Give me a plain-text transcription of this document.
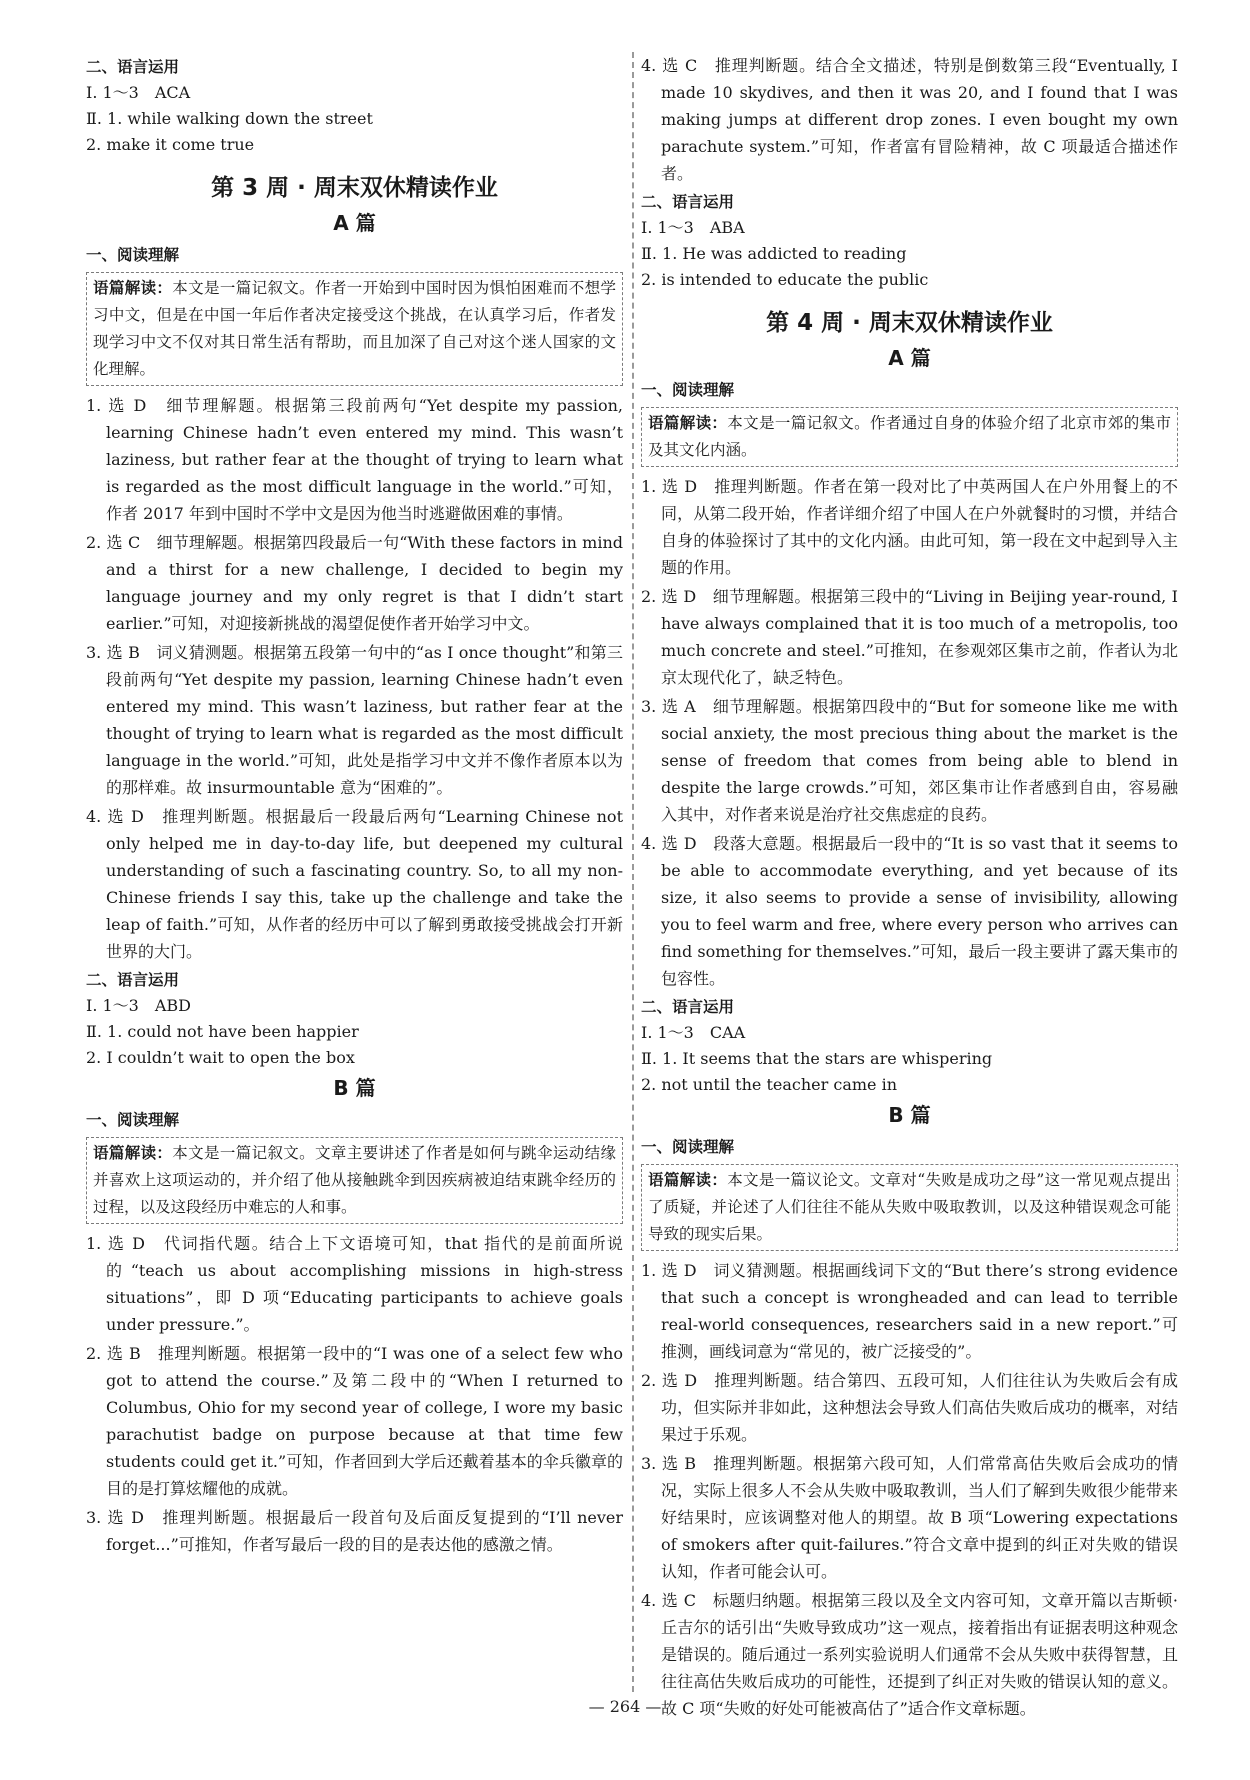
二、语言运用
Ⅰ. 1～3　ACA
Ⅱ. 1. while walking down the street
2. make it come true
第 3 周 · 周末双休精读作业
A 篇
一、阅读理解
语篇解读：本文是一篇记叙文。作者一开始到中国时因为惧怕困难而不想学习中文，但是在中国一年后作者决定接受这个挑战，在认真学习后，作者发现学习中文不仅对其日常生活有帮助，而且加深了自己对这个迷人国家的文化理解。
1. 选 D　细节理解题。根据第三段前两句“Yet despite my passion, learning Chinese hadn’t even entered my mind. This wasn’t laziness, but rather fear at the thought of trying to learn what is regarded as the most difficult language in the world.”可知，作者 2017 年到中国时不学中文是因为他当时逃避做困难的事情。
2. 选 C　细节理解题。根据第四段最后一句“With these factors in mind and a thirst for a new challenge, I decided to begin my language journey and my only regret is that I didn’t start earlier.”可知，对迎接新挑战的渴望促使作者开始学习中文。
3. 选 B　词义猜测题。根据第五段第一句中的“as I once thought”和第三段前两句“Yet despite my passion, learning Chinese hadn’t even entered my mind. This wasn’t laziness, but rather fear at the thought of trying to learn what is regarded as the most difficult language in the world.”可知，此处是指学习中文并不像作者原本以为的那样难。故 insurmountable 意为“困难的”。
4. 选 D　推理判断题。根据最后一段最后两句“Learning Chinese not only helped me in day-to-day life, but deepened my cultural understanding of such a fascinating country. So, to all my non-Chinese friends I say this, take up the challenge and take the leap of faith.”可知，从作者的经历中可以了解到勇敢接受挑战会打开新世界的大门。
二、语言运用
Ⅰ. 1～3　ABD
Ⅱ. 1. could not have been happier
2. I couldn’t wait to open the box
B 篇
一、阅读理解
语篇解读：本文是一篇记叙文。文章主要讲述了作者是如何与跳伞运动结缘并喜欢上这项运动的，并介绍了他从接触跳伞到因疾病被迫结束跳伞经历的过程，以及这段经历中难忘的人和事。
1. 选 D　代词指代题。结合上下文语境可知，that 指代的是前面所说的“teach us about accomplishing missions in high-stress situations”，即 D 项“Educating participants to achieve goals under pressure.”。
2. 选 B　推理判断题。根据第一段中的“I was one of a select few who got to attend the course.”及第二段中的“When I returned to Columbus, Ohio for my second year of college, I wore my basic parachutist badge on purpose because at that time few students could get it.”可知，作者回到大学后还戴着基本的伞兵徽章的目的是打算炫耀他的成就。
3. 选 D　推理判断题。根据最后一段首句及后面反复提到的“I’ll never forget...”可推知，作者写最后一段的目的是表达他的感激之情。
4. 选 C　推理判断题。结合全文描述，特别是倒数第三段“Eventually, I made 10 skydives, and then it was 20, and I found that I was making jumps at different drop zones. I even bought my own parachute system.”可知，作者富有冒险精神，故 C 项最适合描述作者。
二、语言运用
Ⅰ. 1～3　ABA
Ⅱ. 1. He was addicted to reading
2. is intended to educate the public
第 4 周 · 周末双休精读作业
A 篇
一、阅读理解
语篇解读：本文是一篇记叙文。作者通过自身的体验介绍了北京市郊的集市及其文化内涵。
1. 选 D　推理判断题。作者在第一段对比了中英两国人在户外用餐上的不同，从第二段开始，作者详细介绍了中国人在户外就餐时的习惯，并结合自身的体验探讨了其中的文化内涵。由此可知，第一段在文中起到导入主题的作用。
2. 选 D　细节理解题。根据第三段中的“Living in Beijing year-round, I have always complained that it is too much of a metropolis, too much concrete and steel.”可推知，在参观郊区集市之前，作者认为北京太现代化了，缺乏特色。
3. 选 A　细节理解题。根据第四段中的“But for someone like me with social anxiety, the most precious thing about the market is the sense of freedom that comes from being able to blend in despite the large crowds.”可知，郊区集市让作者感到自由，容易融入其中，对作者来说是治疗社交焦虑症的良药。
4. 选 D　段落大意题。根据最后一段中的“It is so vast that it seems to be able to accommodate everything, and yet because of its size, it also seems to provide a sense of invisibility, allowing you to feel warm and free, where every person who arrives can find something for themselves.”可知，最后一段主要讲了露天集市的包容性。
二、语言运用
Ⅰ. 1～3　CAA
Ⅱ. 1. It seems that the stars are whispering
2. not until the teacher came in
B 篇
一、阅读理解
语篇解读：本文是一篇议论文。文章对“失败是成功之母”这一常见观点提出了质疑，并论述了人们往往不能从失败中吸取教训，以及这种错误观念可能导致的现实后果。
1. 选 D　词义猜测题。根据画线词下文的“But there’s strong evidence that such a concept is wrongheaded and can lead to terrible real-world consequences, researchers said in a new report.”可推测，画线词意为“常见的，被广泛接受的”。
2. 选 D　推理判断题。结合第四、五段可知，人们往往认为失败后会有成功，但实际并非如此，这种想法会导致人们高估失败后成功的概率，对结果过于乐观。
3. 选 B　推理判断题。根据第六段可知，人们常常高估失败后会成功的情况，实际上很多人不会从失败中吸取教训，当人们了解到失败很少能带来好结果时，应该调整对他人的期望。故 B 项“Lowering expectations of smokers after quit-failures.”符合文章中提到的纠正对失败的错误认知，作者可能会认可。
4. 选 C　标题归纳题。根据第三段以及全文内容可知，文章开篇以吉斯顿·丘吉尔的话引出“失败导致成功”这一观点，接着指出有证据表明这种观念是错误的。随后通过一系列实验说明人们通常不会从失败中获得智慧，且往往高估失败后成功的可能性，还提到了纠正对失败的错误认知的意义。故 C 项“失败的好处可能被高估了”适合作文章标题。
— 264 —
